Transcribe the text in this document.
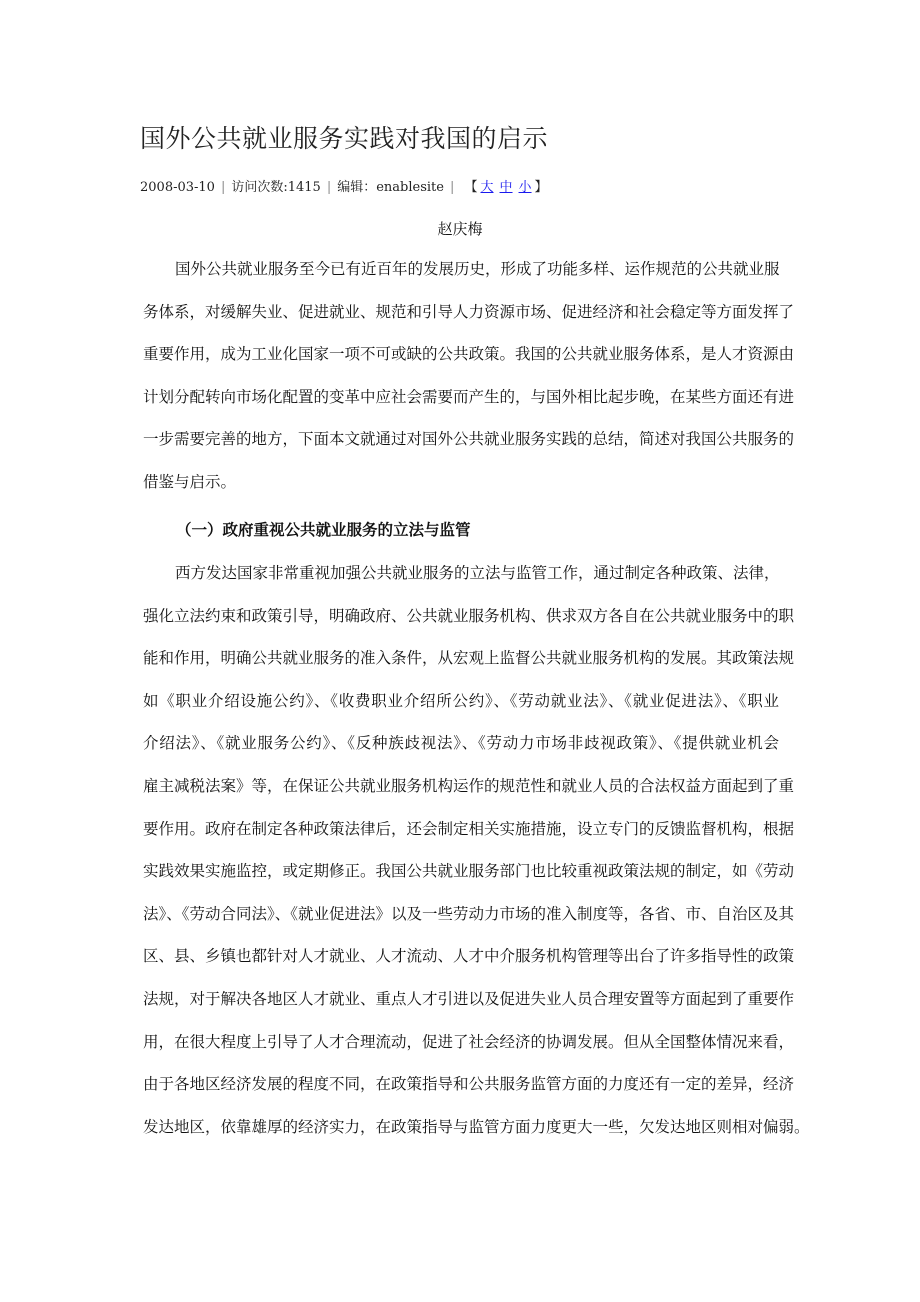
国外公共就业服务实践对我国的启示
2008-03-10 | 访问次数:1415 | 编辑：enablesite | 【 大 中 小 】
赵庆梅
国外公共就业服务至今已有近百年的发展历史，形成了功能多样、运作规范的公共就业服
务体系，对缓解失业、促进就业、规范和引导人力资源市场、促进经济和社会稳定等方面发挥了
重要作用，成为工业化国家一项不可或缺的公共政策。我国的公共就业服务体系，是人才资源由
计划分配转向市场化配置的变革中应社会需要而产生的，与国外相比起步晚，在某些方面还有进
一步需要完善的地方，下面本文就通过对国外公共就业服务实践的总结，简述对我国公共服务的
借鉴与启示。
（一）政府重视公共就业服务的立法与监管
西方发达国家非常重视加强公共就业服务的立法与监管工作，通过制定各种政策、法律，
强化立法约束和政策引导，明确政府、公共就业服务机构、供求双方各自在公共就业服务中的职
能和作用，明确公共就业服务的准入条件，从宏观上监督公共就业服务机构的发展。其政策法规
如《职业介绍设施公约》、《收费职业介绍所公约》、《劳动就业法》、《就业促进法》、《职业
介绍法》、《就业服务公约》、《反种族歧视法》、《劳动力市场非歧视政策》、《提供就业机会
雇主减税法案》等，在保证公共就业服务机构运作的规范性和就业人员的合法权益方面起到了重
要作用。政府在制定各种政策法律后，还会制定相关实施措施，设立专门的反馈监督机构，根据
实践效果实施监控，或定期修正。我国公共就业服务部门也比较重视政策法规的制定，如《劳动
法》、《劳动合同法》、《就业促进法》以及一些劳动力市场的准入制度等，各省、市、自治区及其
区、县、乡镇也都针对人才就业、人才流动、人才中介服务机构管理等出台了许多指导性的政策
法规，对于解决各地区人才就业、重点人才引进以及促进失业人员合理安置等方面起到了重要作
用，在很大程度上引导了人才合理流动，促进了社会经济的协调发展。但从全国整体情况来看，
由于各地区经济发展的程度不同，在政策指导和公共服务监管方面的力度还有一定的差异，经济
发达地区，依靠雄厚的经济实力，在政策指导与监管方面力度更大一些，欠发达地区则相对偏弱。
